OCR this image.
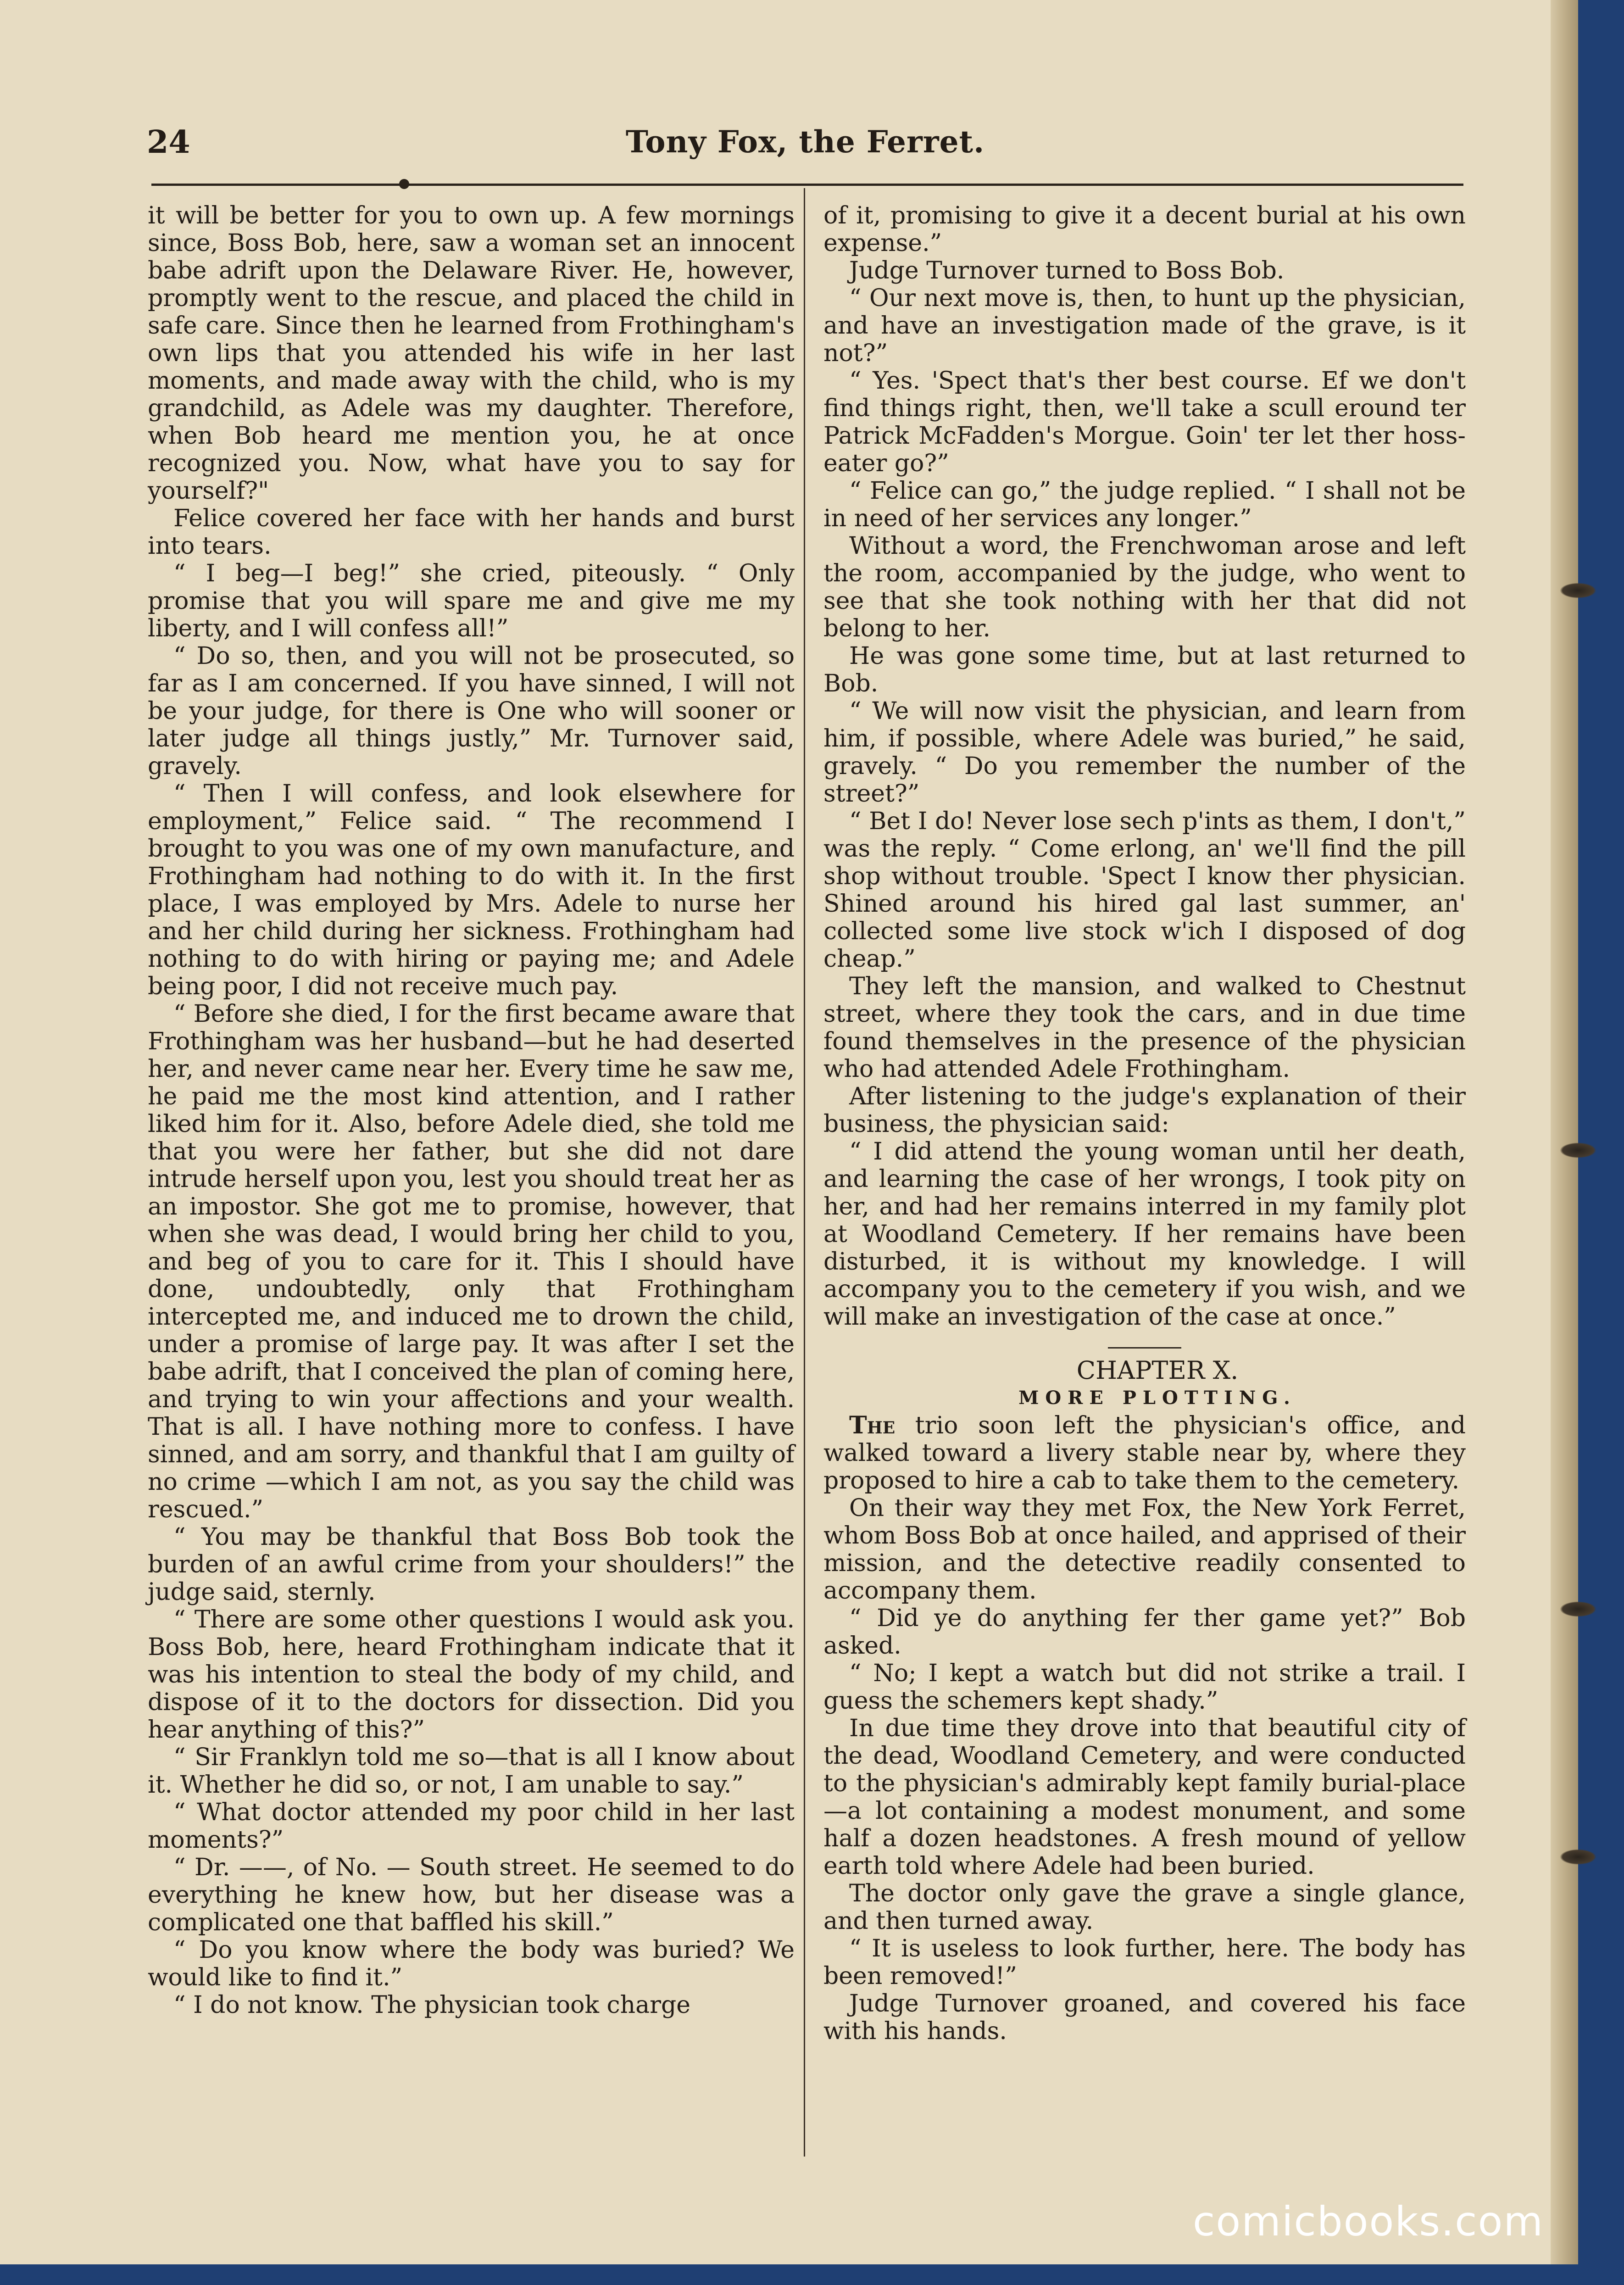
Tony Fox, the Ferret.
24

it will be better for you to own up. A few mornings since, Boss Bob, here, saw a woman set an innocent babe adrift upon the Delaware River. He, however, promptly went to the rescue, and placed the child in safe care. Since then he learned from Frothingham's own lips that you attended his wife in her last moments, and made away with the child, who is my grandchild, as Adele was my daughter. Therefore, when Bob heard me mention you, he at once recognized you. Now, what have you to say for yourself?"

Felice covered her face with her hands and burst into tears.

“ I beg—I beg!” she cried, piteously. “ Only promise that you will spare me and give me my liberty, and I will confess all!”

“ Do so, then, and you will not be prosecuted, so far as I am concerned. If you have sinned, I will not be your judge, for there is One who will sooner or later judge all things justly,” Mr. Turnover said, gravely.

“ Then I will confess, and look elsewhere for employment,” Felice said. “ The recommend I brought to you was one of my own manufacture, and Frothingham had nothing to do with it. In the first place, I was employed by Mrs. Adele to nurse her and her child during her sickness. Frothingham had nothing to do with hiring or paying me; and Adele being poor, I did not receive much pay.

“ Before she died, I for the first became aware that Frothingham was her husband—but he had deserted her, and never came near her. Every time he saw me, he paid me the most kind attention, and I rather liked him for it. Also, before Adele died, she told me that you were her father, but she did not dare intrude herself upon you, lest you should treat her as an impostor. She got me to promise, however, that when she was dead, I would bring her child to you, and beg of you to care for it. This I should have done, undoubtedly, only that Frothingham intercepted me, and induced me to drown the child, under a promise of large pay. It was after I set the babe adrift, that I conceived the plan of coming here, and trying to win your affections and your wealth. That is all. I have nothing more to confess. I have sinned, and am sorry, and thankful that I am guilty of no crime —which I am not, as you say the child was rescued.”

“ You may be thankful that Boss Bob took the burden of an awful crime from your shoulders!” the judge said, sternly.

“ There are some other questions I would ask you. Boss Bob, here, heard Frothingham indicate that it was his intention to steal the body of my child, and dispose of it to the doctors for dissection. Did you hear anything of this?”

“ Sir Franklyn told me so—that is all I know about it. Whether he did so, or not, I am unable to say.”

“ What doctor attended my poor child in her last moments?”

“ Dr. ——, of No. — South street. He seemed to do everything he knew how, but her disease was a complicated one that baffled his skill.”

“ Do you know where the body was buried? We would like to find it.”

“ I do not know. The physician took charge

of it, promising to give it a decent burial at his own expense.”

Judge Turnover turned to Boss Bob.

“ Our next move is, then, to hunt up the physician, and have an investigation made of the grave, is it not?”

“ Yes. 'Spect that's ther best course. Ef we don't find things right, then, we'll take a scull eround ter Patrick McFadden's Morgue. Goin' ter let ther hoss-eater go?”

“ Felice can go,” the judge replied. “ I shall not be in need of her services any longer.”

Without a word, the Frenchwoman arose and left the room, accompanied by the judge, who went to see that she took nothing with her that did not belong to her.

He was gone some time, but at last returned to Bob.

“ We will now visit the physician, and learn from him, if possible, where Adele was buried,” he said, gravely. “ Do you remember the number of the street?”

“ Bet I do! Never lose sech p'ints as them, I don't,” was the reply. “ Come erlong, an' we'll find the pill shop without trouble. 'Spect I know ther physician. Shined around his hired gal last summer, an' collected some live stock w'ich I disposed of dog cheap.”

They left the mansion, and walked to Chestnut street, where they took the cars, and in due time found themselves in the presence of the physician who had attended Adele Frothingham.

After listening to the judge's explanation of their business, the physician said:

“ I did attend the young woman until her death, and learning the case of her wrongs, I took pity on her, and had her remains interred in my family plot at Woodland Cemetery. If her remains have been disturbed, it is without my knowledge. I will accompany you to the cemetery if you wish, and we will make an investigation of the case at once.”

CHAPTER X.

MORE PLOTTING.

The trio soon left the physician's office, and walked toward a livery stable near by, where they proposed to hire a cab to take them to the cemetery.

On their way they met Fox, the New York Ferret, whom Boss Bob at once hailed, and apprised of their mission, and the detective readily consented to accompany them.

“ Did ye do anything fer ther game yet?” Bob asked.

“ No; I kept a watch but did not strike a trail. I guess the schemers kept shady.”

In due time they drove into that beautiful city of the dead, Woodland Cemetery, and were conducted to the physician's admirably kept family burial-place—a lot containing a modest monument, and some half a dozen headstones. A fresh mound of yellow earth told where Adele had been buried.

The doctor only gave the grave a single glance, and then turned away.

“ It is useless to look further, here. The body has been removed!”

Judge Turnover groaned, and covered his face with his hands.

comicbooks.com
